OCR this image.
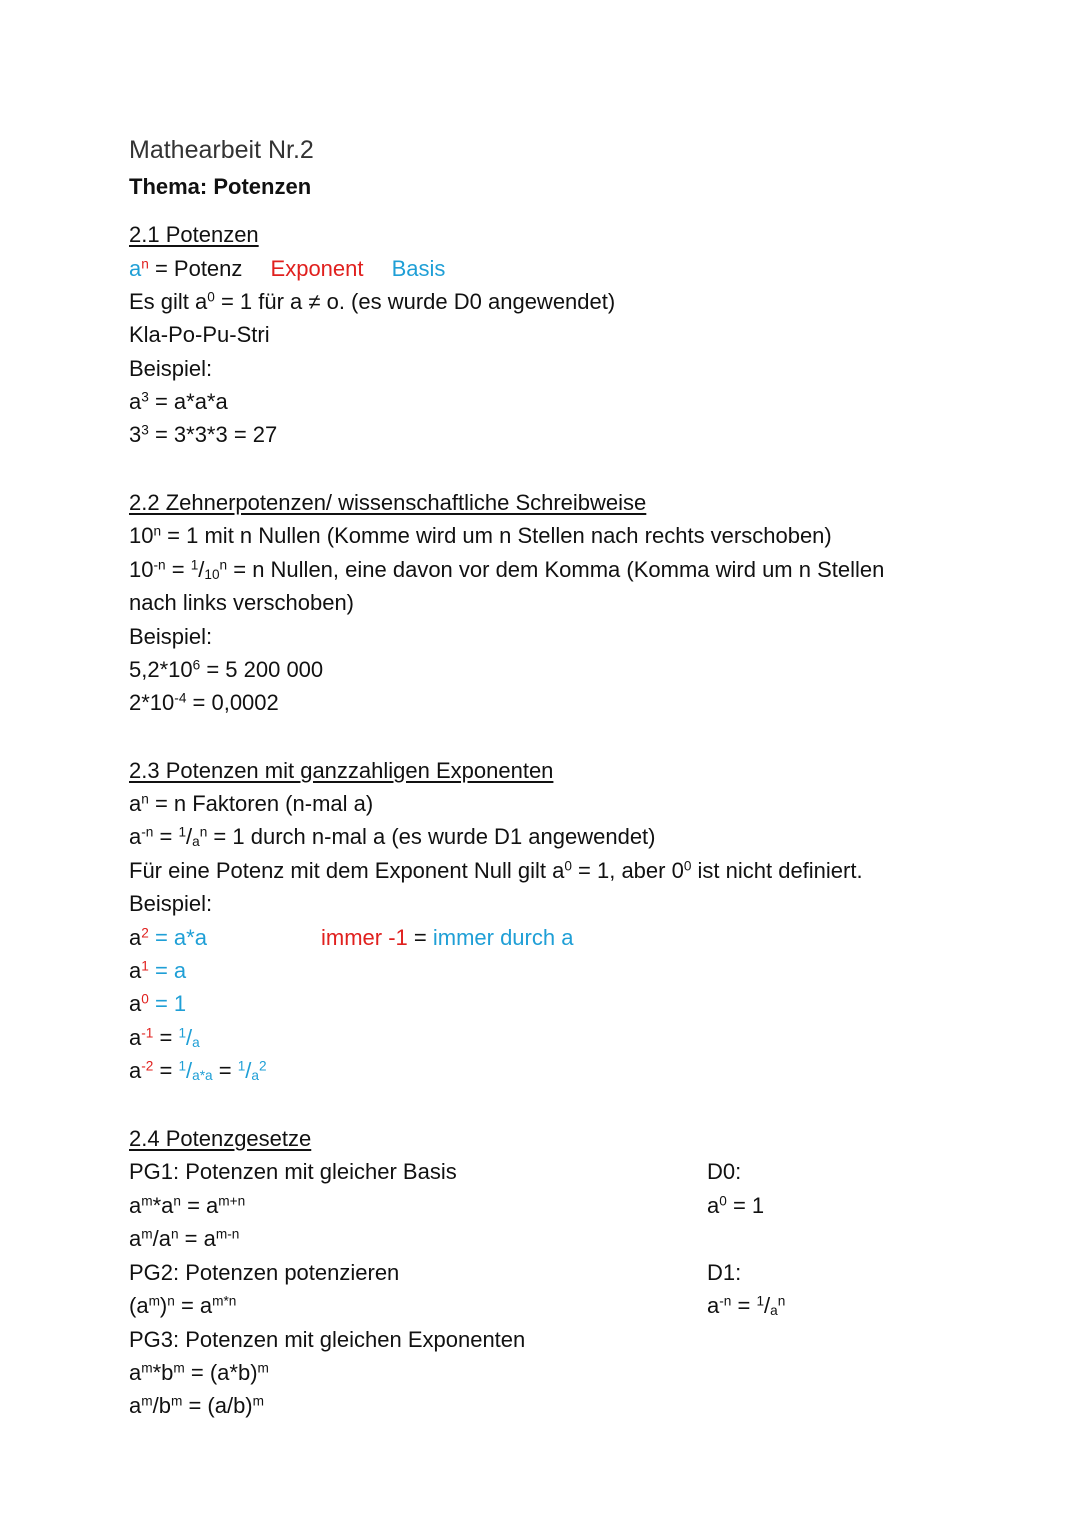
Mathearbeit Nr.2
Thema: Potenzen
2.1 Potenzen
$a^n$ = Potenz Exponent Basis
Es gilt $a^0 = 1$ für a ≠ o. (es wurde D0 angewendet)
Kla-Po-Pu-Stri
Beispiel:
$a^3 = a*a*a$
$3^3 = 3*3*3 = 27$
2.2 Zehnerpotenzen/ wissenschaftliche Schreibweise
$10^n = 1$ mit n Nullen (Komme wird um n Stellen nach rechts verschoben)
$10^{-n} = ^1/_{10}^n = n$ Nullen, eine davon vor dem Komma (Komma wird um n Stellen
nach links verschoben)
Beispiel:
$5,2*10^6 = 5$ 200 000
$2*10^{-4} = 0,0002$
2.3 Potenzen mit ganzzahligen Exponenten
$a^n = n$ Faktoren (n-mal a)
$a^{-n} = ^1/_a^n = 1$ durch n-mal a (es wurde D1 angewendet)
Für eine Potenz mit dem Exponent Null gilt $a^0 = 1$, aber $0^0$ ist nicht definiert.
Beispiel:
$a^2 = a*a$	immer -1 = immer durch a
$a^1 = a$
$a^0 = 1$
$a^{-1} = ^1/_a$
$a^{-2} = ^1/_{a*a} = ^1/_a^2$
2.4 Potenzgesetze
PG1: Potenzen mit gleicher Basis
$a^m*a^n = a^{m+n}$
$a^m/a^n = a^{m-n}$
PG2: Potenzen potenzieren
$(a^m)^n = a^{m*n}$
PG3: Potenzen mit gleichen Exponenten
$a^m*b^m = (a*b)^m$
$a^m/b^m = (a/b)^m$
D0:
$a^0 = 1$
D1:
$a^{-n} = ^1/_a^n$
